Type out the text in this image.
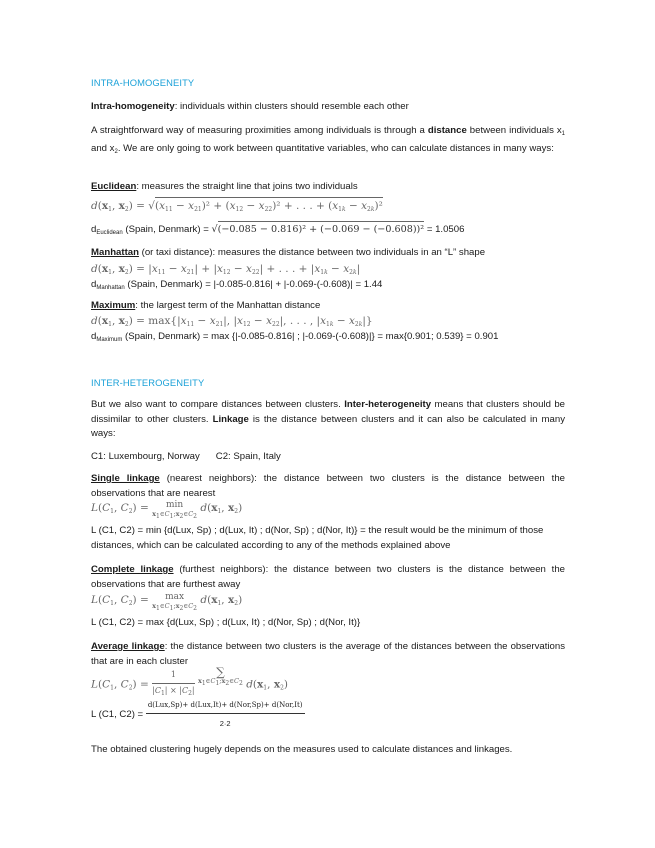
INTRA-HOMOGENEITY
Intra-homogeneity: individuals within clusters should resemble each other
A straightforward way of measuring proximities among individuals is through a distance between individuals $x_1$ and $x_2$. We are only going to work between quantitative variables, who can calculate distances in many ways:
Euclidean: measures the straight line that joins two individuals
$d(x_1$, $x_2) = √(x_{11} - x_{21})^2 + (x_{12} - x_{22})^2$ + . . . + $(x_{1k} - x_{2k})^2$
$d_{Euclidean}$ (Spain, Denmark) = √(−0.085 − 0.816)² + (−0.069 − (−0.608))² = 1.0506
Manhattan (or taxi distance): measures the distance between two individuals in an “L” shape
$d(x_1$, $x_2) = |x_{11} - x_{21}| + |x_{12} - x_{22}|$ + . . . + $|x_{1k} - x_{2k}|$
$d_{Manhattan}$ (Spain, Denmark) = |-0.085-0.816| + |-0.069-(-0.608)| = 1.44
Maximum: the largest term of the Manhattan distance
$d(x_1$, $x_2) = \max\{|x_{11} - x_{21}|$, $|x_{12} - x_{22}|$, . . . , $|x_{1k} - x_{2k}|$}
$d_{Maximum}$ (Spain, Denmark) = max {|-0.085-0.816| ; |-0.069-(-0.608)|} = max{0.901; 0.539} = 0.901
INTER-HETEROGENEITY
But we also want to compare distances between clusters. Inter-heterogeneity means that clusters should be dissimilar to other clusters. Linkage is the distance between clusters and it can also be calculated in many ways:
C1: Luxembourg, Norway C2: Spain, Italy
Single linkage (nearest neighbors): the distance between two clusters is the distance between the observations that are nearest
$L(C_1$, $C_2$) =	min
$x_1\in C_1;x_2\in C_2$
$d(x_1$, $x_2$)
L (C1, C2) = min {d(Lux, Sp) ; d(Lux, It) ; d(Nor, Sp) ; d(Nor, It)} = the result would be the minimum of those distances, which can be calculated according to any of the methods explained above
Complete linkage (furthest neighbors): the distance between two clusters is the distance between the observations that are furthest away
$L(C_1$, $C_2$) =	max
$x_1\in C_1;x_2\in C_2$
$d(x_1$, $x_2$)
L (C1, C2) = max {d(Lux, Sp) ; d(Lux, It) ; d(Nor, Sp) ; d(Nor, It)}
Average linkage: the distance between two clusters is the average of the distances between the observations that are in each cluster
$L(C_1$, $C_2) = \frac{1}{|C_1| \times |C_2|}$
	∑
$x_1\in C_1;x_2\in C_2$ $d(x_1$, $x_2$)
L (C1, $C2) = \frac{\text{d(Lux,Sp)+ d(Lux,It)+ d(Nor,Sp)+ d(Nor,It)}}{2\cdot 2}$
The obtained clustering hugely depends on the measures used to calculate distances and linkages.
